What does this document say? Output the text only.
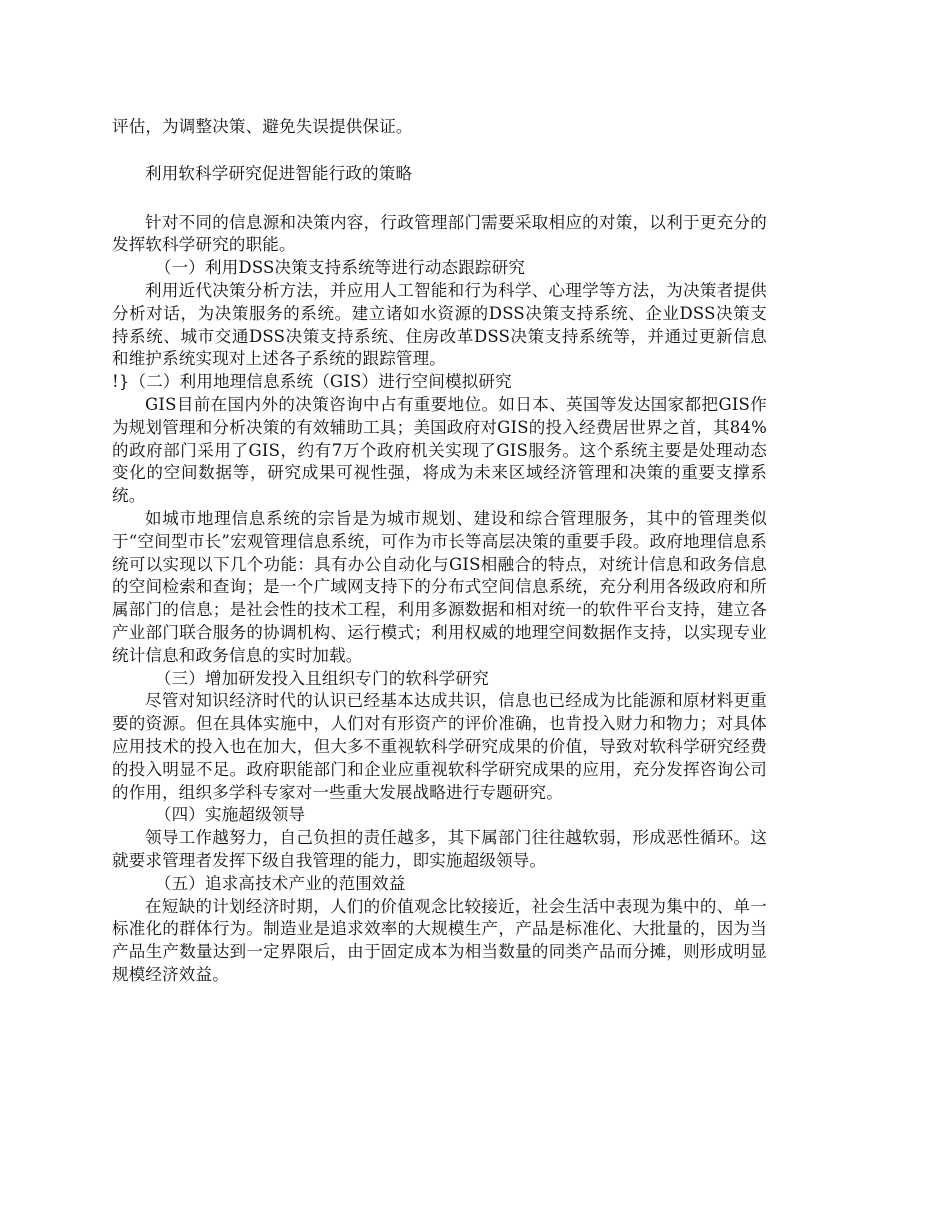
评估，为调整决策、避免失误提供保证。

利用软科学研究促进智能行政的策略

针对不同的信息源和决策内容，行政管理部门需要采取相应的对策，以利于更充分的发挥软科学研究的职能。

（一）利用DSS决策支持系统等进行动态跟踪研究

利用近代决策分析方法，并应用人工智能和行为科学、心理学等方法，为决策者提供分析对话，为决策服务的系统。建立诸如水资源的DSS决策支持系统、企业DSS决策支持系统、城市交通DSS决策支持系统、住房改革DSS决策支持系统等，并通过更新信息和维护系统实现对上述各子系统的跟踪管理。

!}（二）利用地理信息系统（GIS）进行空间模拟研究

GIS目前在国内外的决策咨询中占有重要地位。如日本、英国等发达国家都把GIS作为规划管理和分析决策的有效辅助工具；美国政府对GIS的投入经费居世界之首，其84%的政府部门采用了GIS，约有7万个政府机关实现了GIS服务。这个系统主要是处理动态变化的空间数据等，研究成果可视性强，将成为未来区域经济管理和决策的重要支撑系统。

如城市地理信息系统的宗旨是为城市规划、建设和综合管理服务，其中的管理类似于“空间型市长”宏观管理信息系统，可作为市长等高层决策的重要手段。政府地理信息系统可以实现以下几个功能：具有办公自动化与GIS相融合的特点，对统计信息和政务信息的空间检索和查询；是一个广域网支持下的分布式空间信息系统，充分利用各级政府和所属部门的信息；是社会性的技术工程，利用多源数据和相对统一的软件平台支持，建立各产业部门联合服务的协调机构、运行模式；利用权威的地理空间数据作支持，以实现专业统计信息和政务信息的实时加载。

（三）增加研发投入且组织专门的软科学研究

尽管对知识经济时代的认识已经基本达成共识，信息也已经成为比能源和原材料更重要的资源。但在具体实施中，人们对有形资产的评价准确，也肯投入财力和物力；对具体应用技术的投入也在加大，但大多不重视软科学研究成果的价值，导致对软科学研究经费的投入明显不足。政府职能部门和企业应重视软科学研究成果的应用，充分发挥咨询公司的作用，组织多学科专家对一些重大发展战略进行专题研究。

（四）实施超级领导

领导工作越努力，自己负担的责任越多，其下属部门往往越软弱，形成恶性循环。这就要求管理者发挥下级自我管理的能力，即实施超级领导。

（五）追求高技术产业的范围效益

在短缺的计划经济时期，人们的价值观念比较接近，社会生活中表现为集中的、单一标准化的群体行为。制造业是追求效率的大规模生产，产品是标准化、大批量的，因为当产品生产数量达到一定界限后，由于固定成本为相当数量的同类产品而分摊，则形成明显规模经济效益。
